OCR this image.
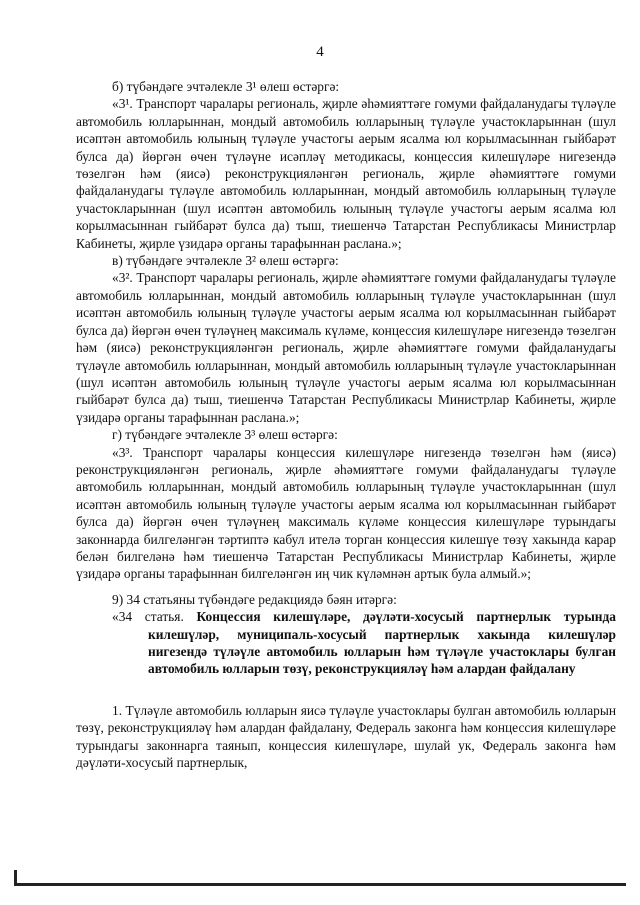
4

б) түбәндәге эчтәлекле 3¹ өлеш өстәргә:

«3¹. Транспорт чаралары региональ, җирле әһәмияттәге гомуми файдаланудагы түләүле автомобиль юлларыннан, мондый автомобиль юлларының түләүле участокларыннан (шул исәптән автомобиль юлының түләүле участогы аерым ясалма юл корылмасыннан гыйбарәт булса да) йөргән өчен түләүне исәпләү методикасы, концессия килешүләре нигезендә төзелгән һәм (яисә) реконструкцияләнгән региональ, җирле әһәмияттәге гомуми файдаланудагы түләүле автомобиль юлларыннан, мондый автомобиль юлларының түләүле участокларыннан (шул исәптән автомобиль юлының түләүле участогы аерым ясалма юл корылмасыннан гыйбарәт булса да) тыш, тиешенчә Татарстан Республикасы Министрлар Кабинеты, җирле үзидарә органы тарафыннан раслана.»;

в) түбәндәге эчтәлекле 3² өлеш өстәргә:

«3². Транспорт чаралары региональ, җирле әһәмияттәге гомуми файдаланудагы түләүле автомобиль юлларыннан, мондый автомобиль юлларының түләүле участокларыннан (шул исәптән автомобиль юлының түләүле участогы аерым ясалма юл корылмасыннан гыйбарәт булса да) йөргән өчен түләүнең максималь күләме, концессия килешүләре нигезендә төзелгән һәм (яисә) реконструкцияләнгән региональ, җирле әһәмияттәге гомуми файдаланудагы түләүле автомобиль юлларыннан, мондый автомобиль юлларының түләүле участокларыннан (шул исәптән автомобиль юлының түләүле участогы аерым ясалма юл корылмасыннан гыйбарәт булса да) тыш, тиешенчә Татарстан Республикасы Министрлар Кабинеты, җирле үзидарә органы тарафыннан раслана.»;

г) түбәндәге эчтәлекле 3³ өлеш өстәргә:

«3³. Транспорт чаралары концессия килешүләре нигезендә төзелгән һәм (яисә) реконструкцияләнгән региональ, җирле әһәмияттәге гомуми файдаланудагы түләүле автомобиль юлларыннан, мондый автомобиль юлларының түләүле участокларыннан (шул исәптән автомобиль юлының түләүле участогы аерым ясалма юл корылмасыннан гыйбарәт булса да) йөргән өчен түләүнең максималь күләме концессия килешүләре турындагы законнарда билгеләнгән тәртиптә кабул ителә торган концессия килешүе төзү хакында карар белән билгеләнә һәм тиешенчә Татарстан Республикасы Министрлар Кабинеты, җирле үзидарә органы тарафыннан билгеләнгән иң чик күләмнән артык була алмый.»;

9) 34 статьяны түбәндәге редакциядә бәян итәргә:

«34 статья. Концессия килешүләре, дәүләти-хосусый партнерлык турында килешүләр, муниципаль-хосусый партнерлык хакында килешүләр нигезендә түләүле автомобиль юлларын һәм түләүле участоклары булган автомобиль юлларын төзү, реконструкцияләү һәм алардан файдалану

1. Түләүле автомобиль юлларын яисә түләүле участоклары булган автомобиль юлларын төзү, реконструкцияләү һәм алардан файдалану, Федераль законга һәм концессия килешүләре турындагы законнарга таянып, концессия килешүләре, шулай ук, Федераль законга һәм дәүләти-хосусый партнерлык,
